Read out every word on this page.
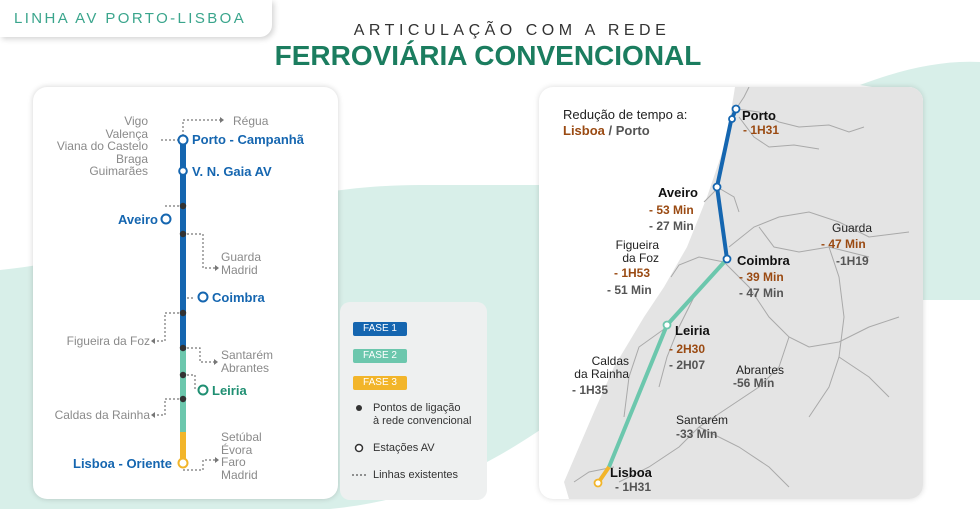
LINHA AV PORTO-LISBOA
ARTICULAÇÃO COM A REDE
FERROVIÁRIA CONVENCIONAL
Vigo
Valença
Viana do Castelo
Braga
Guimarães
Régua
Porto - Campanhã
V. N. Gaia AV
Aveiro
Guarda
Madrid
Coimbra
Figueira da Foz
Santarém
Abrantes
Leiria
Caldas da Rainha
Setúbal
Évora
Faro
Madrid
Lisboa - Oriente
FASE 1
FASE 2
FASE 3
Pontos de ligação
à rede convencional
Estações AV
Linhas existentes
Redução de tempo a:
Lisboa / Porto
Porto
- 1H31
Aveiro
- 53 Min
- 27 Min
Figueira
da Foz
- 1H53
- 51 Min
Coimbra
- 39 Min
- 47 Min
Guarda
- 47 Min
-1H19
Leiria
- 2H30
- 2H07
Caldas
da Rainha
- 1H35
Abrantes
-56 Min
Santarém
-33 Min
Lisboa
- 1H31
